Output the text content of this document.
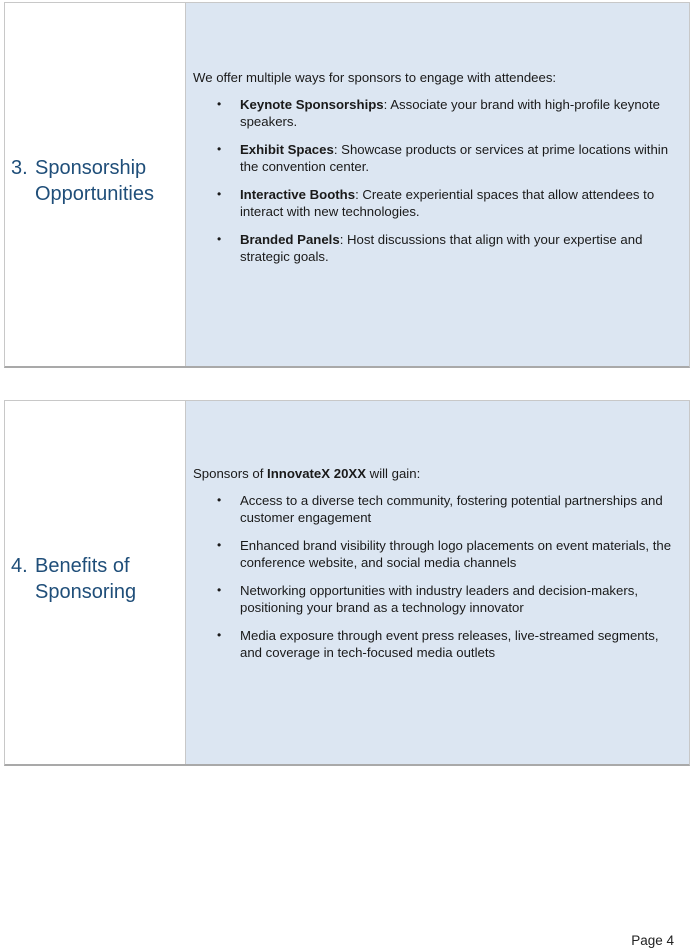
3. Sponsorship Opportunities

We offer multiple ways for sponsors to engage with attendees:

• Keynote Sponsorships: Associate your brand with high-profile keynote speakers.
• Exhibit Spaces: Showcase products or services at prime locations within the convention center.
• Interactive Booths: Create experiential spaces that allow attendees to interact with new technologies.
• Branded Panels: Host discussions that align with your expertise and strategic goals.
4. Benefits of Sponsoring

Sponsors of InnovateX 20XX will gain:

• Access to a diverse tech community, fostering potential partnerships and customer engagement
• Enhanced brand visibility through logo placements on event materials, the conference website, and social media channels
• Networking opportunities with industry leaders and decision-makers, positioning your brand as a technology innovator
• Media exposure through event press releases, live-streamed segments, and coverage in tech-focused media outlets
Page 4
